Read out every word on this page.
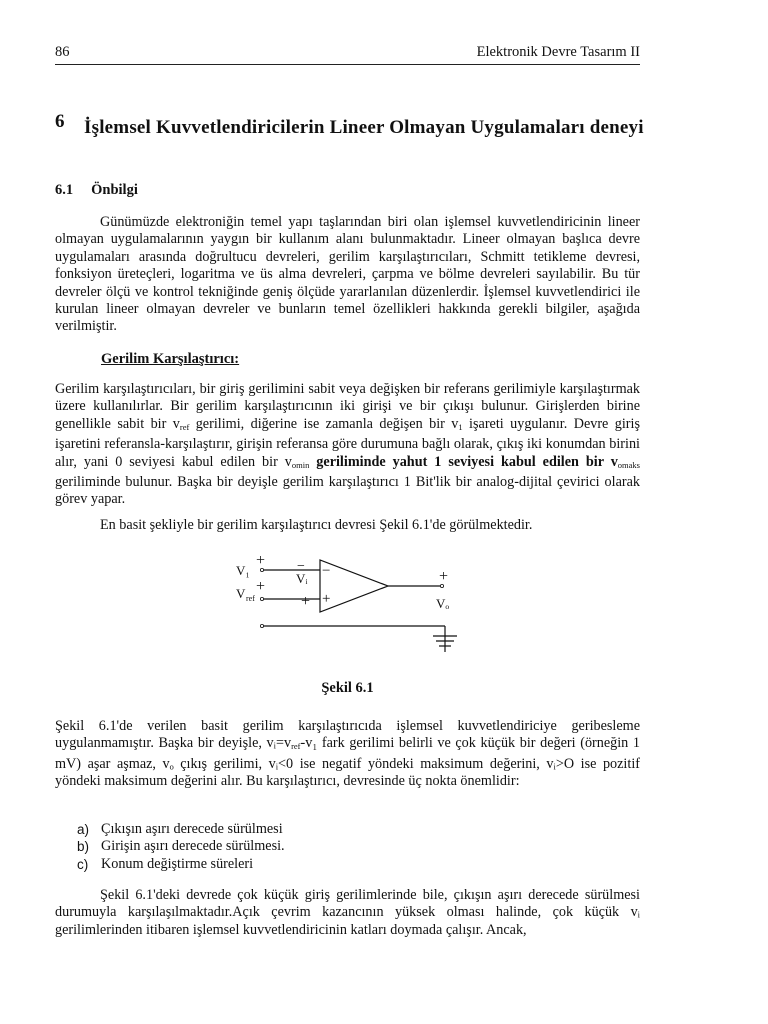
86	Elektronik Devre Tasarım II
6 İşlemsel Kuvvetlendiricilerin Lineer Olmayan Uygulamaları deneyi
6.1 Önbilgi
Günümüzde elektroniğin temel yapı taşlarından biri olan işlemsel kuvvetlendiricinin lineer olmayan uygulamalarının yaygın bir kullanım alanı bulunmaktadır. Lineer olmayan başlıca devre uygulamaları arasında doğrultucu devreleri, gerilim karşılaştırıcıları, Schmitt tetikleme devresi, fonksiyon üreteçleri, logaritma ve üs alma devreleri, çarpma ve bölme devreleri sayılabilir. Bu tür devreler ölçü ve kontrol tekniğinde geniş ölçüde yararlanılan düzenlerdir. İşlemsel kuvvetlendirici ile kurulan lineer olmayan devreler ve bunların temel özellikleri hakkında gerekli bilgiler, aşağıda verilmiştir.
Gerilim Karşılaştırıcı:
Gerilim karşılaştırıcıları, bir giriş gerilimini sabit veya değişken bir referans gerilimiyle karşılaştırmak üzere kullanılırlar. Bir gerilim karşılaştırıcının iki girişi ve bir çıkışı bulunur. Girişlerden birine genellikle sabit bir $v_{ref}$ gerilimi, diğerine ise zamanla değişen bir $v_1$ işareti uygulanır. Devre giriş işaretini referansla-karşılaştırır, girişin referansa göre durumuna bağlı olarak, çıkış iki konumdan birini alır, yani 0 seviyesi kabul edilen bir $v_{omin}$ geriliminde yahut 1 seviyesi kabul edilen bir $v_{omaks}$ geriliminde bulunur. Başka bir deyişle gerilim karşılaştırıcı 1 Bit'lik bir analog-dijital çevirici olarak görev yapar.
En basit şekliyle bir gerilim karşılaştırıcı devresi Şekil 6.1'de görülmektedir.
V₁
V ref
Vᵢ
Vₒ
+
+
−
+
−
+
+
Şekil 6.1
Şekil 6.1'de verilen basit gerilim karşılaştırıcıda işlemsel kuvvetlendiriciye geribesleme uygulanmamıştır. Başka bir deyişle, $vᵢ=v_{ref}-v_1$ fark gerilimi belirli ve çok küçük bir değeri (örneğin 1 mV) aşar aşmaz, vₒ çıkış gerilimi, vᵢ<0 ise negatif yöndeki maksimum değerini, vᵢ>O ise pozitif yöndeki maksimum değerini alır. Bu karşılaştırıcı, devresinde üç nokta önemlidir:
a) Çıkışın aşırı derecede sürülmesi
b) Girişin aşırı derecede sürülmesi.
c) Konum değiştirme süreleri
Şekil 6.1'deki devrede çok küçük giriş gerilimlerinde bile, çıkışın aşırı derecede sürülmesi durumuyla karşılaşılmaktadır.Açık çevrim kazancının yüksek olması halinde, çok küçük vᵢ gerilimlerinden itibaren işlemsel kuvvetlendiricinin katları doymada çalışır. Ancak,
